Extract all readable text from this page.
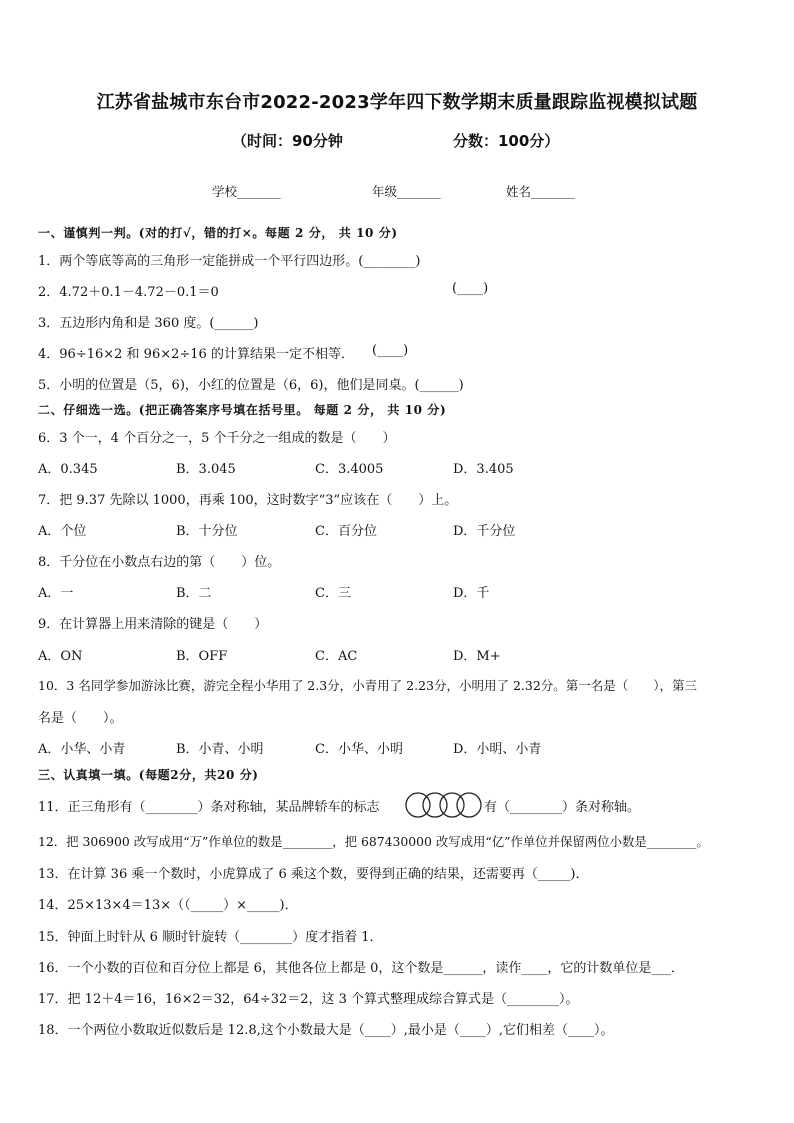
江苏省盐城市东台市2022-2023学年四下数学期末质量跟踪监视模拟试题
（时间：90分钟	分数：100分）
学校_______	年级_______	姓名_______
一、谨慎判一判。(对的打√，错的打×。每题 2 分， 共 10 分)
1．两个等底等高的三角形一定能拼成一个平行四边形。(________)
2．4.72＋0.1－4.72－0.1＝0	(____)
3．五边形内角和是 360 度。(______)
4．96÷16×2 和 96×2÷16 的计算结果一定不相等． (____)
5．小明的位置是（5，6)，小红的位置是（6，6)，他们是同桌。(______)
二、仔细选一选。(把正确答案序号填在括号里。 每题 2 分， 共 10 分)
6．3 个一，4 个百分之一，5 个千分之一组成的数是（　　）
A．0.345	B．3.045	C．3.4005	D．3.405
7．把 9.37 先除以 1000，再乘 100，这时数字“3”应该在（　　）上。
A．个位	B．十分位	C．百分位	D．千分位
8．千分位在小数点右边的第（　　）位。
A．一	B．二	C．三	D．千
9．在计算器上用来清除的键是（　　）
A．ON	B．OFF	C．AC	D．M+
10．3 名同学参加游泳比赛，游完全程小华用了 2.3分，小青用了 2.23分，小明用了 2.32分。第一名是（　　），第三
名是（　　）。
A．小华、小青	B．小青、小明	C．小华、小明	D．小明、小青
三、认真填一填。(每题2分，共20 分)
11．正三角形有（________）条对称轴，某品牌轿车的标志	有（________）条对称轴。
12．把 306900 改写成用“万”作单位的数是________，把 687430000 改写成用“亿”作单位并保留两位小数是________。
13．在计算 36 乘一个数时，小虎算成了 6 乘这个数，要得到正确的结果，还需要再（_____)．
14．25×13×4＝13×（（_____）×_____)．
15．钟面上时针从 6 顺时针旋转（________）度才指着 1．
16．一个小数的百位和百分位上都是 6，其他各位上都是 0，这个数是______，读作____，它的计数单位是___．
17．把 12＋4＝16，16×2＝32，64÷32＝2，这 3 个算式整理成综合算式是（________）。
18．一个两位小数取近似数后是 12.8,这个小数最大是（____）,最小是（____）,它们相差（____）。
